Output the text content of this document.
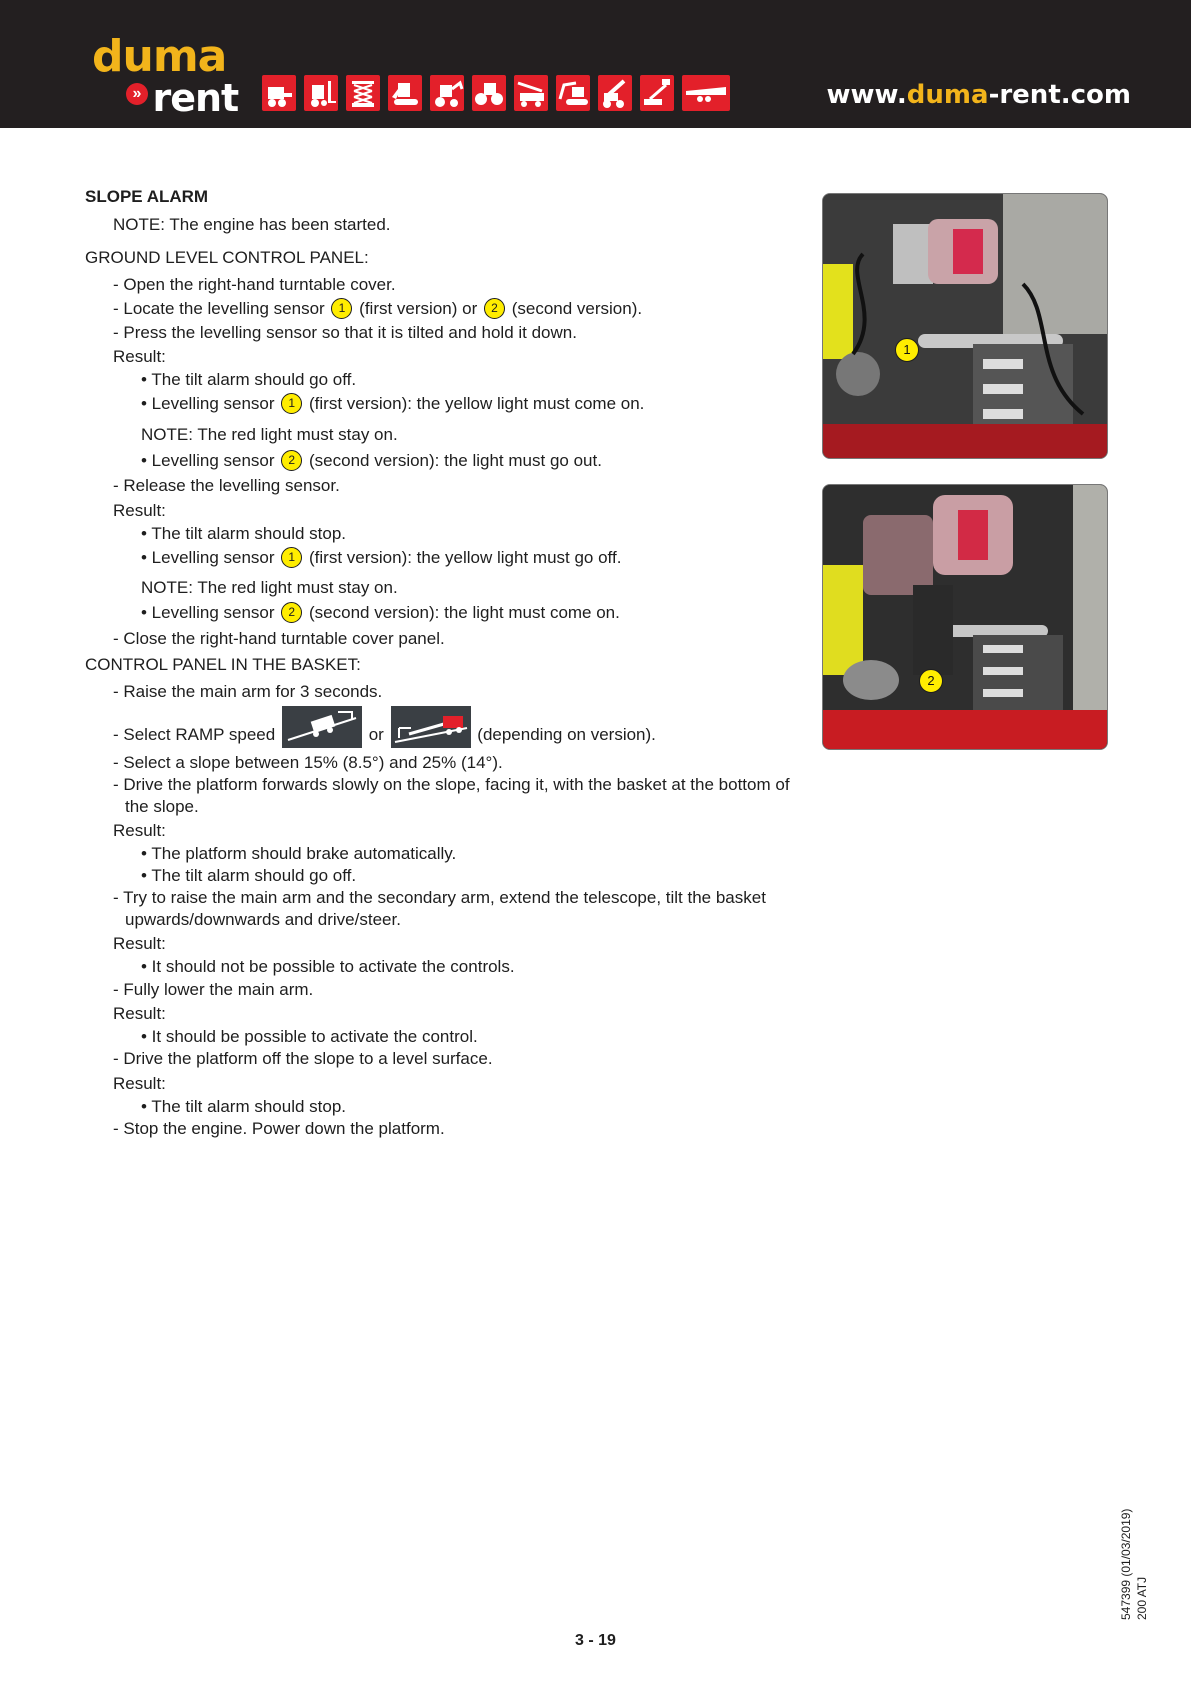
duma
» rent	www.duma-rent.com
SLOPE ALARM
NOTE: The engine has been started.
GROUND LEVEL CONTROL PANEL:
- Open the right-hand turntable cover.
- Locate the levelling sensor 1 (first version) or 2 (second version).
- Press the levelling sensor so that it is tilted and hold it down.
Result:
• The tilt alarm should go off.
• Levelling sensor 1 (first version): the yellow light must come on.
NOTE: The red light must stay on.
• Levelling sensor 2 (second version): the light must go out.
- Release the levelling sensor.
Result:
• The tilt alarm should stop.
• Levelling sensor 1 (first version): the yellow light must go off.
NOTE: The red light must stay on.
• Levelling sensor 2 (second version): the light must come on.
- Close the right-hand turntable cover panel.
CONTROL PANEL IN THE BASKET:
- Raise the main arm for 3 seconds.
- Select RAMP speed	or	(depending on version).
- Select a slope between 15% (8.5°) and 25% (14°).
- Drive the platform forwards slowly on the slope, facing it, with the basket at the bottom of the slope.
Result:
• The platform should brake automatically.
• The tilt alarm should go off.
- Try to raise the main arm and the secondary arm, extend the telescope, tilt the basket upwards/downwards and drive/steer.
Result:
• It should not be possible to activate the controls.
- Fully lower the main arm.
Result:
• It should be possible to activate the control.
- Drive the platform off the slope to a level surface.
Result:
• The tilt alarm should stop.
- Stop the engine. Power down the platform.
1
2
3 - 19
547399 (01/03/2019) 200 ATJ
